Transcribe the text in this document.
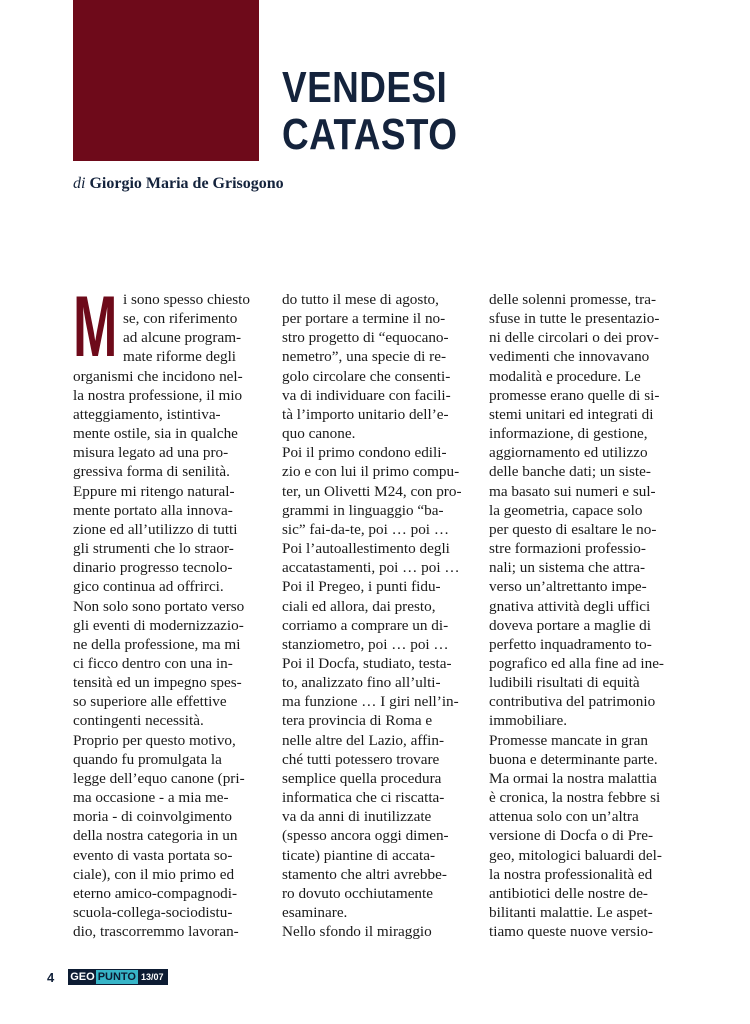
VENDESI
CATASTO
di Giorgio Maria de Grisogono
M i sono spesso chiesto
se, con riferimento
ad alcune program-
mate riforme degli
organismi che incidono nel-
la nostra professione, il mio
atteggiamento, istintiva-
mente ostile, sia in qualche
misura legato ad una pro-
gressiva forma di senilità.
Eppure mi ritengo natural-
mente portato alla innova-
zione ed all’utilizzo di tutti
gli strumenti che lo straor-
dinario progresso tecnolo-
gico continua ad offrirci.
Non solo sono portato verso
gli eventi di modernizzazio-
ne della professione, ma mi
ci ficco dentro con una in-
tensità ed un impegno spes-
so superiore alle effettive
contingenti necessità.
Proprio per questo motivo,
quando fu promulgata la
legge dell’equo canone (pri-
ma occasione - a mia me-
moria - di coinvolgimento
della nostra categoria in un
evento di vasta portata so-
ciale), con il mio primo ed
eterno amico-compagnodi-
scuola-collega-sociodistu-
dio, trascorremmo lavoran-

do tutto il mese di agosto,
per portare a termine il no-
stro progetto di “equocano-
nemetro”, una specie di re-
golo circolare che consenti-
va di individuare con facili-
tà l’importo unitario dell’e-
quo canone.
Poi il primo condono edili-
zio e con lui il primo compu-
ter, un Olivetti M24, con pro-
grammi in linguaggio “ba-
sic” fai-da-te, poi … poi …
Poi l’autoallestimento degli
accatastamenti, poi … poi …
Poi il Pregeo, i punti fidu-
ciali ed allora, dai presto,
corriamo a comprare un di-
stanziometro, poi … poi …
Poi il Docfa, studiato, testa-
to, analizzato fino all’ulti-
ma funzione … I giri nell’in-
tera provincia di Roma e
nelle altre del Lazio, affin-
ché tutti potessero trovare
semplice quella procedura
informatica che ci riscatta-
va da anni di inutilizzate
(spesso ancora oggi dimen-
ticate) piantine di accata-
stamento che altri avrebbe-
ro dovuto occhiutamente
esaminare.
Nello sfondo il miraggio

delle solenni promesse, tra-
sfuse in tutte le presentazio-
ni delle circolari o dei prov-
vedimenti che innovavano
modalità e procedure. Le
promesse erano quelle di si-
stemi unitari ed integrati di
informazione, di gestione,
aggiornamento ed utilizzo
delle banche dati; un siste-
ma basato sui numeri e sul-
la geometria, capace solo
per questo di esaltare le no-
stre formazioni professio-
nali; un sistema che attra-
verso un’altrettanto impe-
gnativa attività degli uffici
doveva portare a maglie di
perfetto inquadramento to-
pografico ed alla fine ad ine-
ludibili risultati di equità
contributiva del patrimonio
immobiliare.
Promesse mancate in gran
buona e determinante parte.
Ma ormai la nostra malattia
è cronica, la nostra febbre si
attenua solo con un’altra
versione di Docfa o di Pre-
geo, mitologici baluardi del-
la nostra professionalità ed
antibiotici delle nostre de-
bilitanti malattie. Le aspet-
tiamo queste nuove versio-

4 GEO PUNTO 13/07
